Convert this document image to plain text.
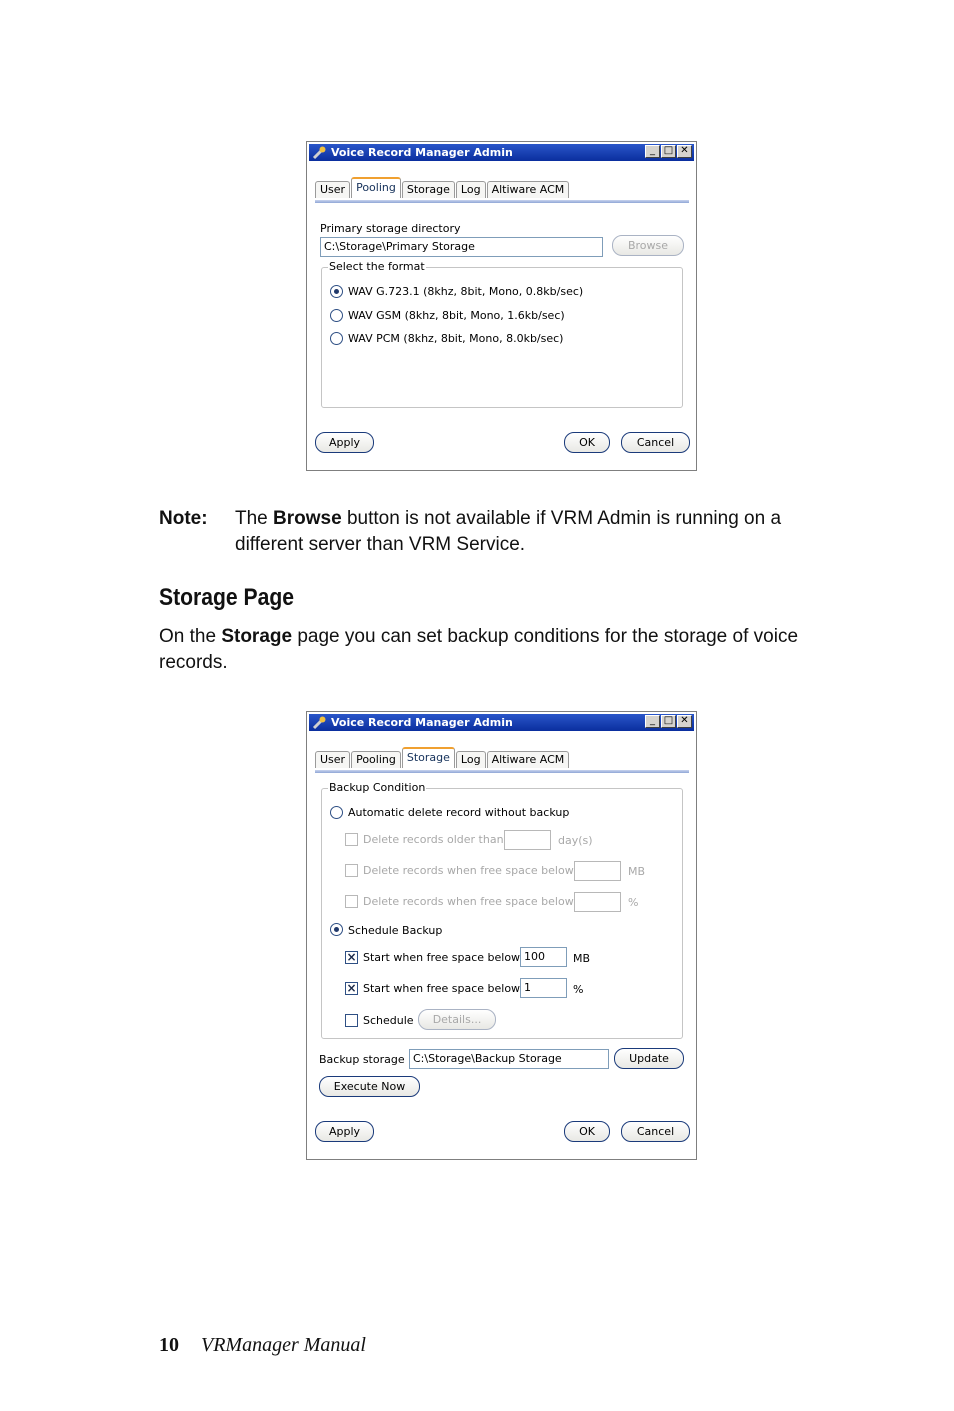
Voice Record Manager Admin	_ □ ✕
User	Pooling	Storage	Log	Altiware ACM
Primary storage directory
C:\Storage\Primary Storage	Browse
Select the format
WAV G.723.1 (8khz, 8bit, Mono, 0.8kb/sec)
WAV GSM (8khz, 8bit, Mono, 1.6kb/sec)
WAV PCM (8khz, 8bit, Mono, 8.0kb/sec)
Apply	OK	Cancel
Note: The Browse button is not available if VRM Admin is running on a
different server than VRM Service.
Storage Page
On the Storage page you can set backup conditions for the storage of voice
records.
Voice Record Manager Admin	_ □ ✕
User	Pooling	Storage	Log	Altiware ACM
Backup Condition
Automatic delete record without backup
Delete records older than	day(s)
Delete records when free space below	MB
Delete records when free space below	%
Schedule Backup
× Start when free space below 100	MB
× Start when free space below 1	%
Schedule	Details...
Backup storage C:\Storage\Backup Storage	Update
Execute Now
Apply	OK	Cancel
10 VRManager Manual
